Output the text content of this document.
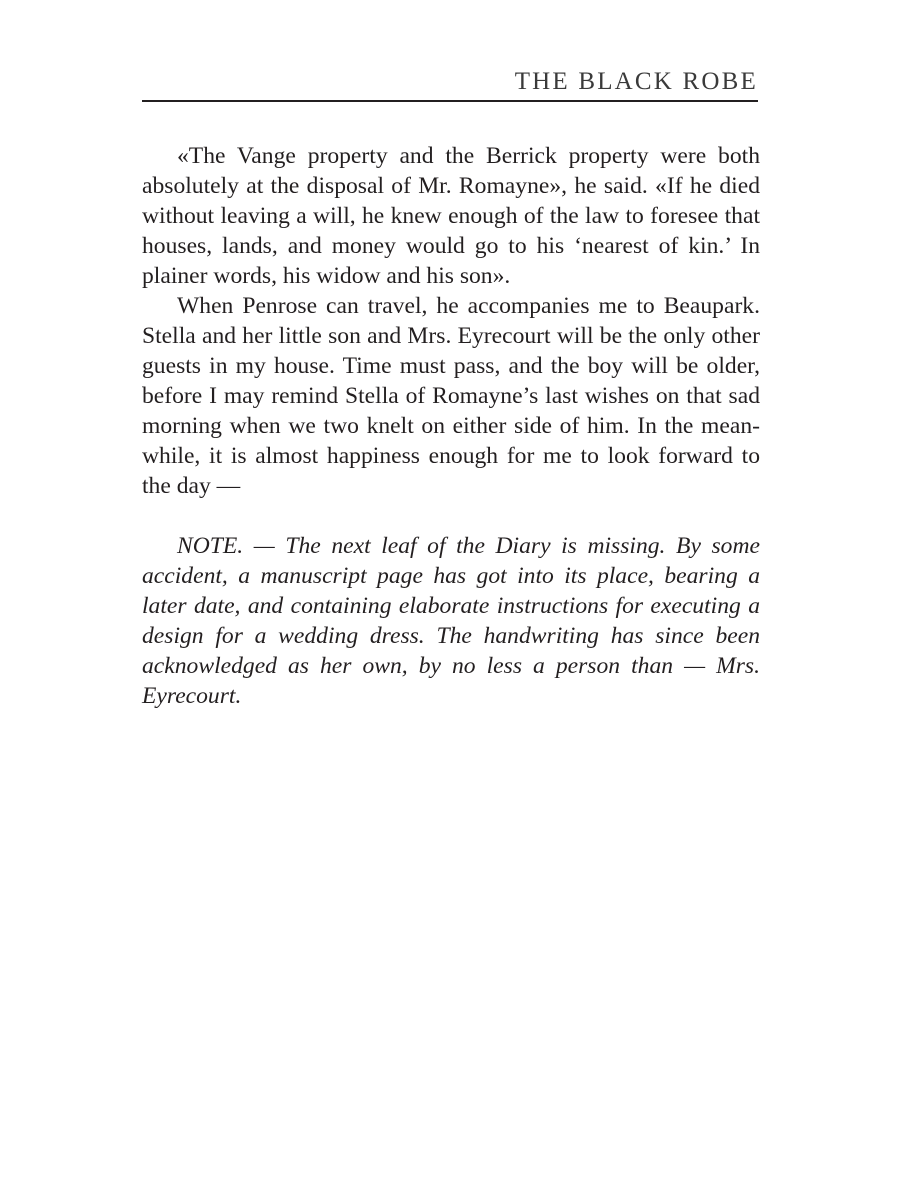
THE BLACK ROBE

«The Vange property and the Berrick property were both absolutely at the disposal of Mr. Romayne», he said. «If he died without leaving a will, he knew enough of the law to foresee that houses, lands, and money would go to his ‘nearest of kin.’ In plainer words, his widow and his son».

When Penrose can travel, he accompanies me to Beaupark. Stella and her little son and Mrs. Eyrecourt will be the only other guests in my house. Time must pass, and the boy will be older, before I may remind Stella of Romayne’s last wishes on that sad morning when we two knelt on either side of him. In the meanwhile, it is almost happiness enough for me to look forward to the day —

NOTE. — The next leaf of the Diary is missing. By some accident, a manuscript page has got into its place, bearing a later date, and containing elaborate instructions for executing a design for a wedding dress. The handwriting has since been acknowledged as her own, by no less a person than — Mrs. Eyrecourt.
